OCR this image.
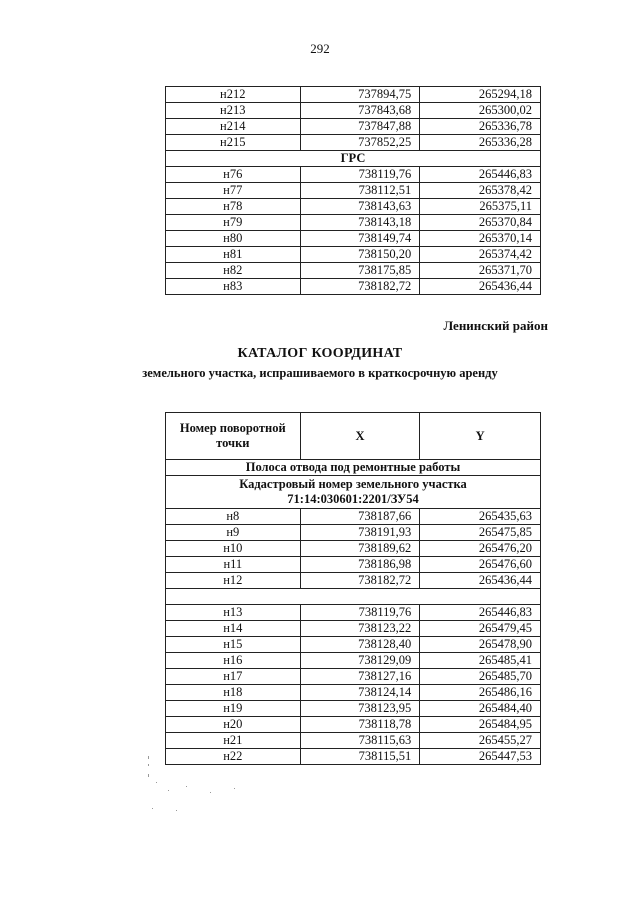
292
н212	737894,75	265294,18
н213	737843,68	265300,02
н214	737847,88	265336,78
н215	737852,25	265336,28
ГРС		
н76	738119,76	265446,83
н77	738112,51	265378,42
н78	738143,63	265375,11
н79	738143,18	265370,84
н80	738149,74	265370,14
н81	738150,20	265374,42
н82	738175,85	265371,70
н83	738182,72	265436,44
Ленинский район
КАТАЛОГ КООРДИНАТ
земельного участка, испрашиваемого в краткосрочную аренду
Номер поворотной
точки	X	Y
Полоса отвода под ремонтные работы		
Кадастровый номер земельного участка
71:14:030601:2201/ЗУ54		
н8	738187,66	265435,63
н9	738191,93	265475,85
н10	738189,62	265476,20
н11	738186,98	265476,60
н12	738182,72	265436,44

н13	738119,76	265446,83
н14	738123,22	265479,45
н15	738128,40	265478,90
н16	738129,09	265485,41
н17	738127,16	265485,70
н18	738124,14	265486,16
н19	738123,95	265484,40
н20	738118,78	265484,95
н21	738115,63	265455,27
н22	738115,51	265447,53
